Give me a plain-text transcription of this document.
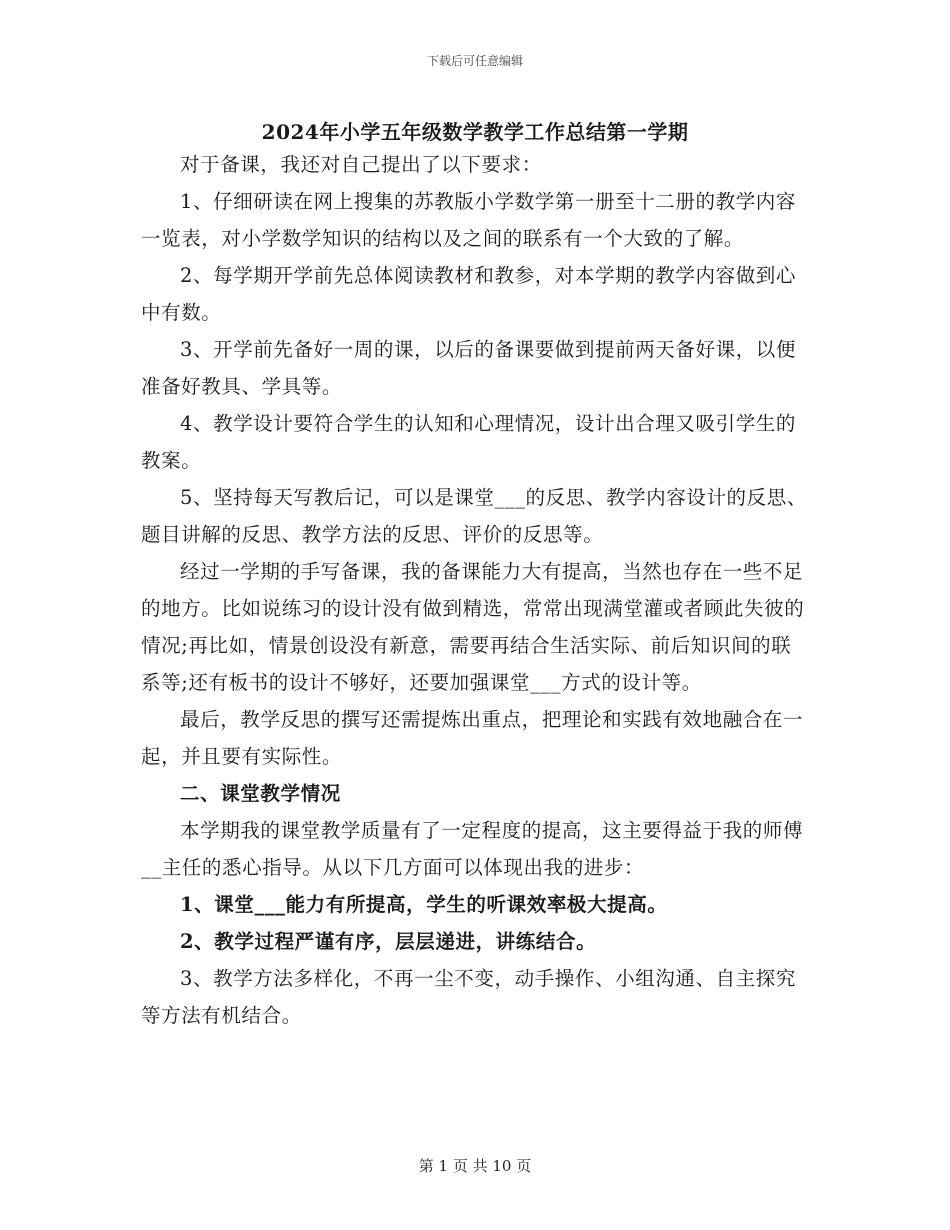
下载后可任意编辑
2024年小学五年级数学教学工作总结第一学期

对于备课，我还对自己提出了以下要求：

1、仔细研读在网上搜集的苏教版小学数学第一册至十二册的教学内容一览表，对小学数学知识的结构以及之间的联系有一个大致的了解。

2、每学期开学前先总体阅读教材和教参，对本学期的教学内容做到心中有数。

3、开学前先备好一周的课，以后的备课要做到提前两天备好课，以便准备好教具、学具等。

4、教学设计要符合学生的认知和心理情况，设计出合理又吸引学生的教案。

5、坚持每天写教后记，可以是课堂___的反思、教学内容设计的反思、题目讲解的反思、教学方法的反思、评价的反思等。

经过一学期的手写备课，我的备课能力大有提高，当然也存在一些不足的地方。比如说练习的设计没有做到精选，常常出现满堂灌或者顾此失彼的情况;再比如，情景创设没有新意，需要再结合生活实际、前后知识间的联系等;还有板书的设计不够好，还要加强课堂___方式的设计等。

最后，教学反思的撰写还需提炼出重点，把理论和实践有效地融合在一起，并且要有实际性。

二、课堂教学情况

本学期我的课堂教学质量有了一定程度的提高，这主要得益于我的师傅__主任的悉心指导。从以下几方面可以体现出我的进步：

1、课堂___能力有所提高，学生的听课效率极大提高。

2、教学过程严谨有序，层层递进，讲练结合。

3、教学方法多样化，不再一尘不变，动手操作、小组沟通、自主探究等方法有机结合。

第 1 页 共 10 页
